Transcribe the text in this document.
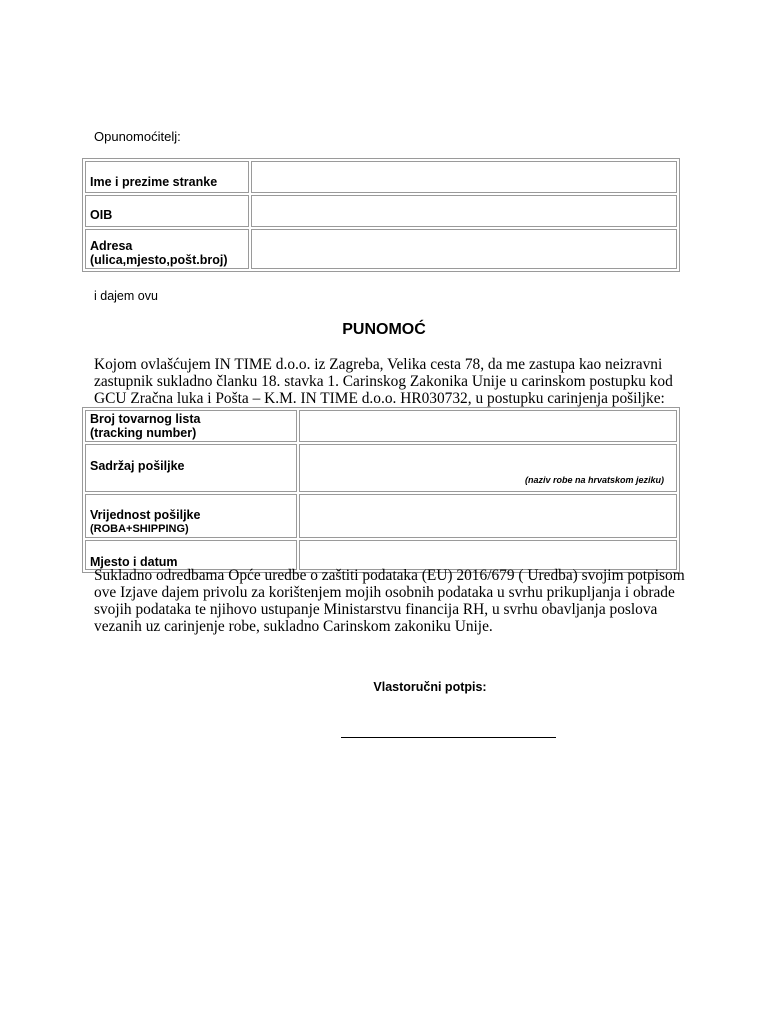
Opunomoćitelj:
Ime i prezime stranke	
OIB	

Adresa
(ulica,mjesto,pošt.broj)	

i dajem ovu
PUNOMOĆ
Kojom ovlašćujem IN TIME d.o.o. iz Zagreba, Velika cesta 78, da me zastupa kao neizravni zastupnik sukladno članku 18. stavka 1. Carinskog Zakonika Unije u carinskom postupku kod GCU Zračna luka i Pošta – K.M. IN TIME d.o.o. HR030732, u postupku carinjenja pošiljke:
Broj tovarnog lista
(tracking number)	

Sadržaj pošiljke	(naziv robe na hrvatskom jeziku)

Vrijednost pošiljke
(ROBA+SHIPPING)	

Mjesto i datum	
Sukladno odredbama Opće uredbe o zaštiti podataka (EU) 2016/679 ( Uredba) svojim potpisom ove Izjave dajem privolu za korištenjem mojih osobnih podataka u svrhu prikupljanja i obrade svojih podataka te njihovo ustupanje Ministarstvu financija RH, u svrhu obavljanja poslova vezanih uz carinjenje robe, sukladno Carinskom zakoniku Unije.
Vlastoručni potpis:
